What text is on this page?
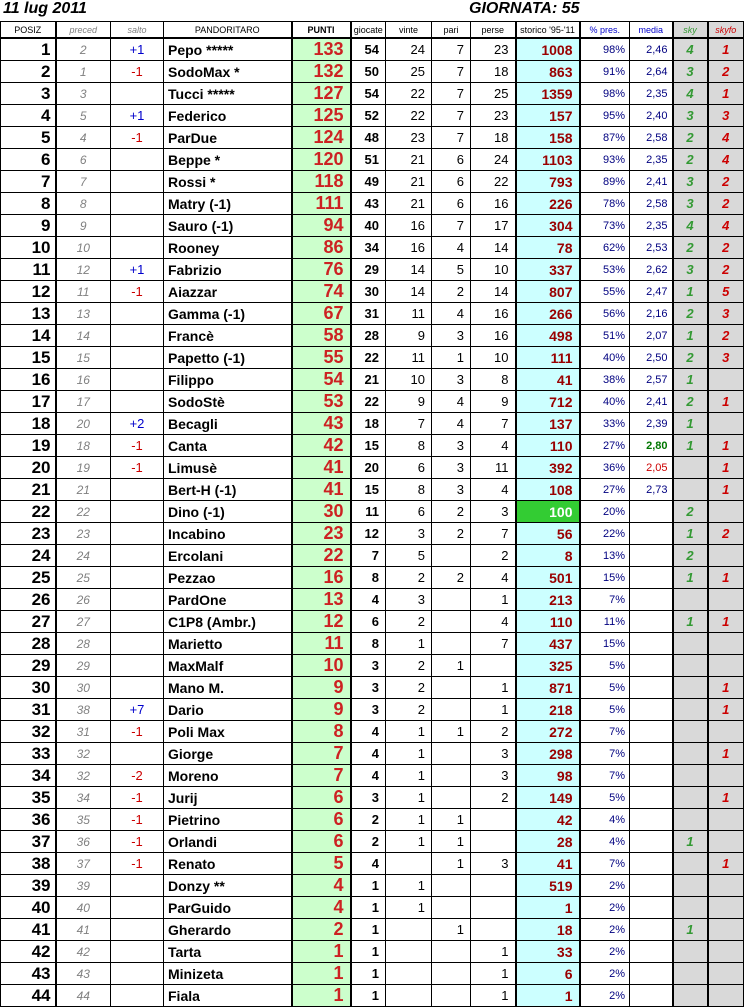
11 lug 2011	GIORNATA: 55
POSIZ	preced	salto	PANDORITARO	PUNTI	giocate	vinte	pari	perse	storico '95-'11	% pres.	media	sky	skyfo
1	2	+1	Pepo *****	133	54	24	7	23	1008	98%	2,46	4	1
2	1	-1	SodoMax *	132	50	25	7	18	863	91%	2,64	3	2
3	3		Tucci *****	127	54	22	7	25	1359	98%	2,35	4	1
4	5	+1	Federico	125	52	22	7	23	157	95%	2,40	3	3
5	4	-1	ParDue	124	48	23	7	18	158	87%	2,58	2	4
6	6		Beppe *	120	51	21	6	24	1103	93%	2,35	2	4
7	7		Rossi *	118	49	21	6	22	793	89%	2,41	3	2
8	8		Matry (-1)	111	43	21	6	16	226	78%	2,58	3	2
9	9		Sauro (-1)	94	40	16	7	17	304	73%	2,35	4	4
10	10		Rooney	86	34	16	4	14	78	62%	2,53	2	2
11	12	+1	Fabrizio	76	29	14	5	10	337	53%	2,62	3	2
12	11	-1	Aiazzar	74	30	14	2	14	807	55%	2,47	1	5
13	13		Gamma (-1)	67	31	11	4	16	266	56%	2,16	2	3
14	14		Francè	58	28	9	3	16	498	51%	2,07	1	2
15	15		Papetto (-1)	55	22	11	1	10	111	40%	2,50	2	3
16	16		Filippo	54	21	10	3	8	41	38%	2,57	1	
17	17		SodoStè	53	22	9	4	9	712	40%	2,41	2	1
18	20	+2	Becagli	43	18	7	4	7	137	33%	2,39	1	
19	18	-1	Canta	42	15	8	3	4	110	27%	2,80	1	1
20	19	-1	Limusè	41	20	6	3	11	392	36%	2,05		1
21	21		Bert-H (-1)	41	15	8	3	4	108	27%	2,73		1
22	22		Dino (-1)	30	11	6	2	3	100	20%		2	
23	23		Incabino	23	12	3	2	7	56	22%		1	2
24	24		Ercolani	22	7	5		2	8	13%		2	
25	25		Pezzao	16	8	2	2	4	501	15%		1	1
26	26		PardOne	13	4	3		1	213	7%			
27	27		C1P8 (Ambr.)	12	6	2		4	110	11%		1	1
28	28		Marietto	11	8	1		7	437	15%			
29	29		MaxMalf	10	3	2	1		325	5%			
30	30		Mano M.	9	3	2		1	871	5%			1
31	38	+7	Dario	9	3	2		1	218	5%			1
32	31	-1	Poli Max	8	4	1	1	2	272	7%			
33	32		Giorge	7	4	1		3	298	7%			1
34	32	-2	Moreno	7	4	1		3	98	7%			
35	34	-1	Jurij	6	3	1		2	149	5%			1
36	35	-1	Pietrino	6	2	1	1		42	4%			
37	36	-1	Orlandi	6	2	1	1		28	4%		1	
38	37	-1	Renato	5	4		1	3	41	7%			1
39	39		Donzy **	4	1	1			519	2%			
40	40		ParGuido	4	1	1			1	2%			
41	41		Gherardo	2	1		1		18	2%		1	
42	42		Tarta	1	1			1	33	2%			
43	43		Minizeta	1	1			1	6	2%			
44	44		Fiala	1	1			1	1	2%			
